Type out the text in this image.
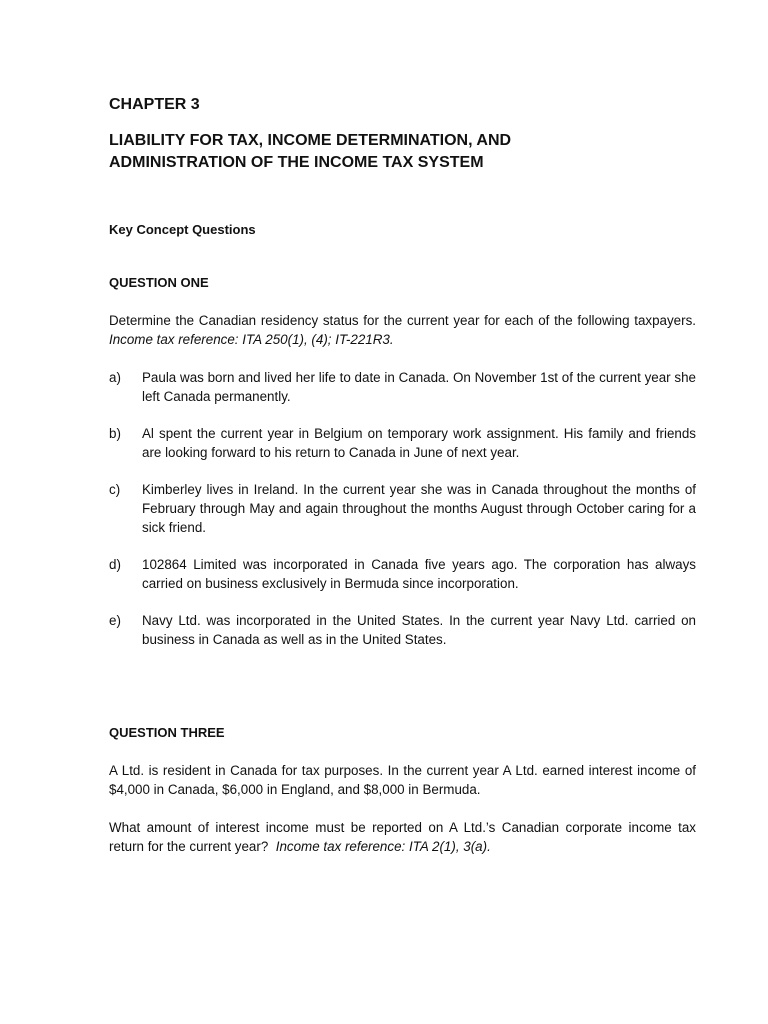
CHAPTER 3
LIABILITY FOR TAX, INCOME DETERMINATION, AND
ADMINISTRATION OF THE INCOME TAX SYSTEM
Key Concept Questions
QUESTION ONE

Determine the Canadian residency status for the current year for each of the following taxpayers. Income tax reference: ITA 250(1), (4); IT-221R3.

a)	Paula was born and lived her life to date in Canada. On November 1st of the current year she left Canada permanently.
b)	Al spent the current year in Belgium on temporary work assignment. His family and friends are looking forward to his return to Canada in June of next year.
c)	Kimberley lives in Ireland. In the current year she was in Canada throughout the months of February through May and again throughout the months August through October caring for a sick friend.
d)	102864 Limited was incorporated in Canada five years ago. The corporation has always carried on business exclusively in Bermuda since incorporation.
e)	Navy Ltd. was incorporated in the United States. In the current year Navy Ltd. carried on business in Canada as well as in the United States.
QUESTION THREE

A Ltd. is resident in Canada for tax purposes. In the current year A Ltd. earned interest income of $4,000 in Canada, $6,000 in England, and $8,000 in Bermuda.

What amount of interest income must be reported on A Ltd.’s Canadian corporate income tax return for the current year? Income tax reference: ITA 2(1), 3(a).
